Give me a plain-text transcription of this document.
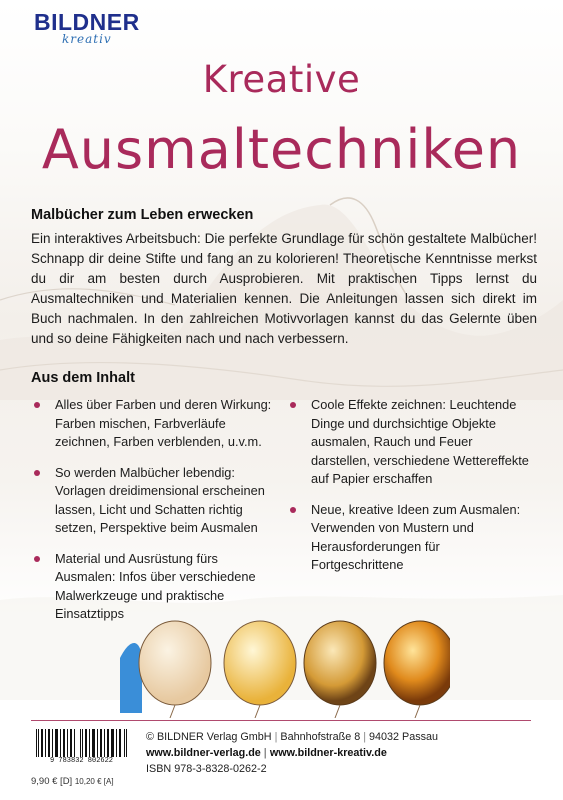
BILDNER
kreativ
Kreative
Ausmaltechniken
Malbücher zum Leben erwecken
Ein interaktives Arbeitsbuch: Die perfekte Grundlage für schön gestaltete Malbücher! Schnapp dir deine Stifte und fang an zu kolorieren! Theoretische Kenntnisse merkst du dir am besten durch Ausprobieren. Mit praktischen Tipps lernst du Ausmaltechniken und Materialien kennen. Die Anleitungen lassen sich direkt im Buch nachmalen. In den zahlreichen Motivvorlagen kannst du das Gelernte üben und so deine Fähigkeiten nach und nach verbessern.
Aus dem Inhalt
Alles über Farben und deren Wirkung: Farben mischen, Farbverläufe zeichnen, Farben verblenden, u.v.m.
So werden Malbücher lebendig: Vorlagen dreidimensional erscheinen lassen, Licht und Schatten richtig setzen, Perspektive beim Ausmalen
Material und Ausrüstung fürs Ausmalen: Infos über verschiedene Malwerkzeuge und praktische Einsatztipps
Coole Effekte zeichnen: Leuchtende Dinge und durchsichtige Objekte ausmalen, Rauch und Feuer darstellen, verschiedene Wettereffekte auf Papier erschaffen
Neue, kreative Ideen zum Ausmalen: Verwenden von Mustern und Herausforderungen für Fortgeschrittene
9 783832 802622
9,90 € [D] 10,20 € [A]
© BILDNER Verlag GmbH | Bahnhofstraße 8 | 94032 Passau
www.bildner-verlag.de | www.bildner-kreativ.de
ISBN 978-3-8328-0262-2
